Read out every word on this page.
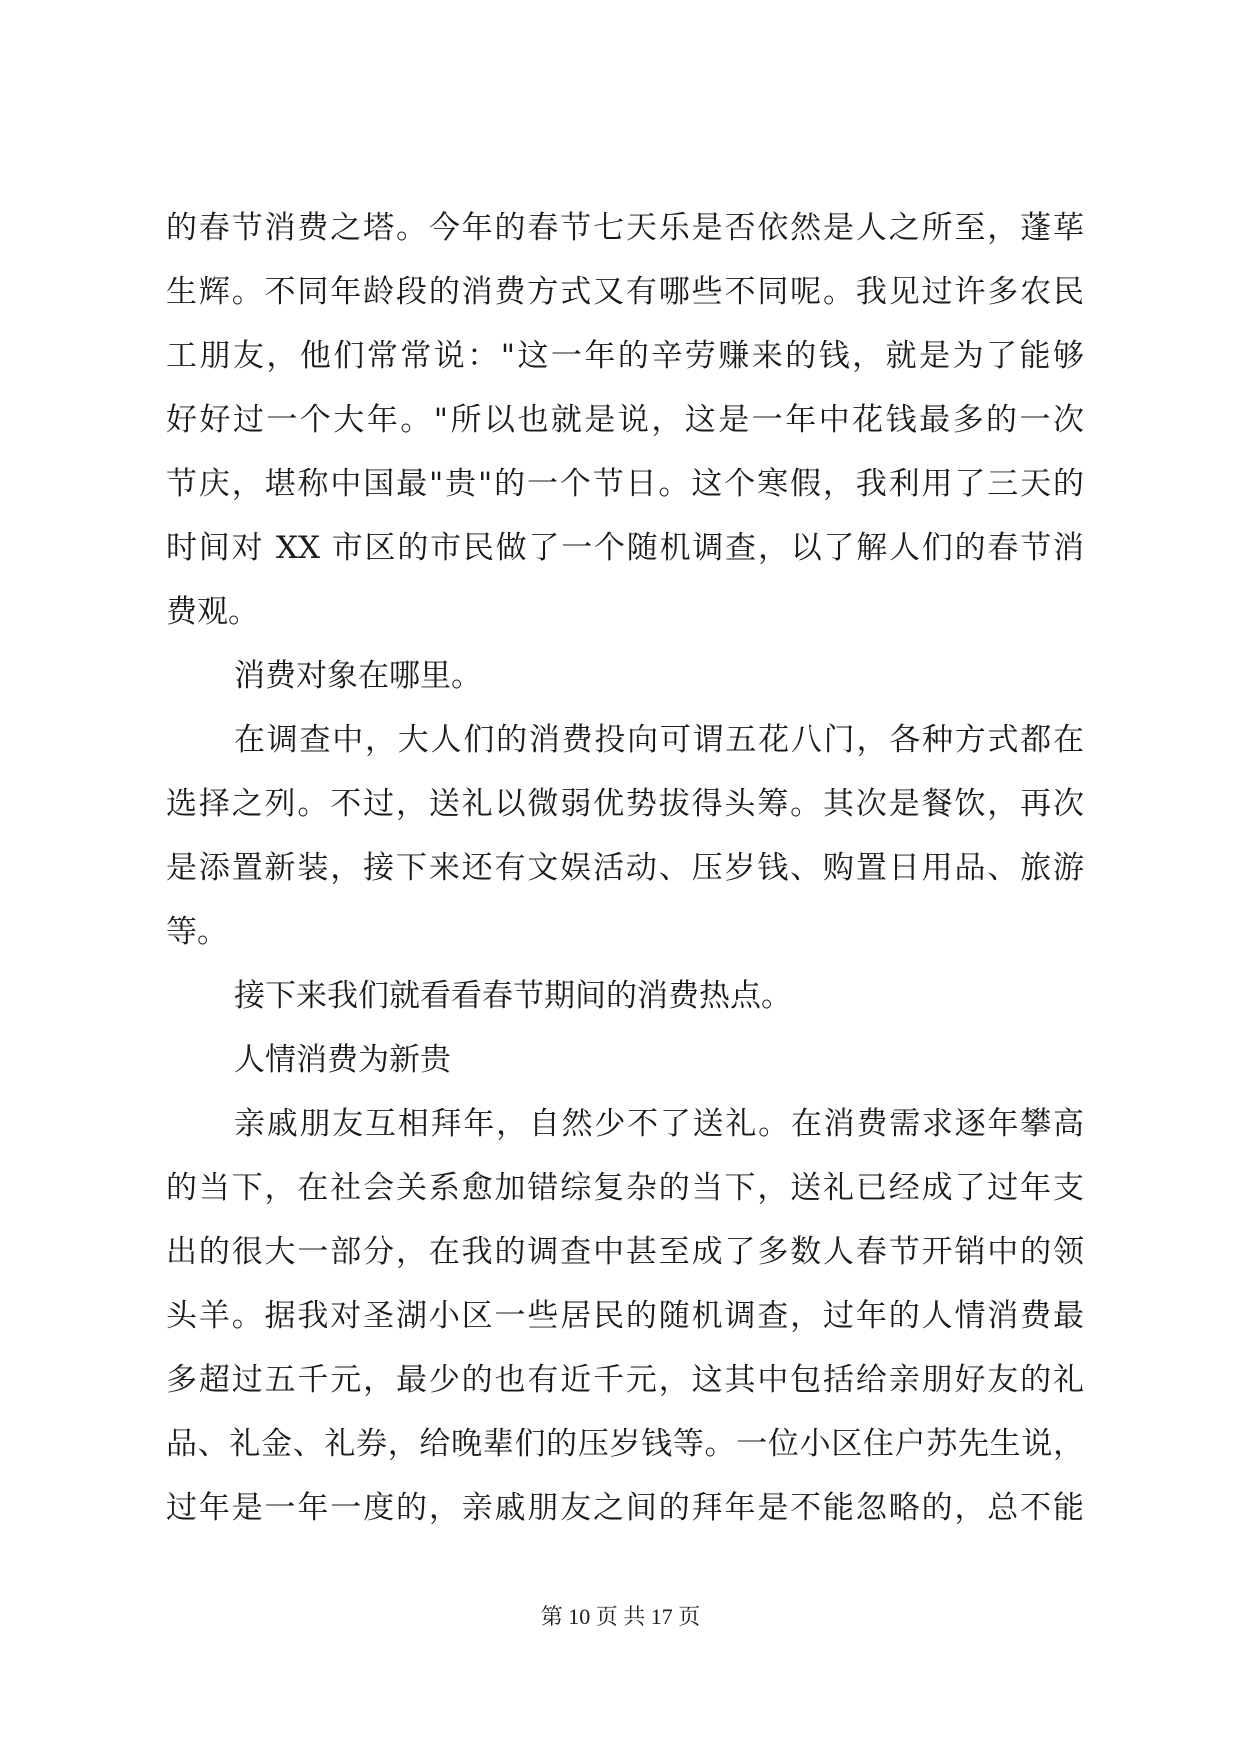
的春节消费之塔。今年的春节七天乐是否依然是人之所至，蓬荜
生辉。不同年龄段的消费方式又有哪些不同呢。我见过许多农民
工朋友，他们常常说："这一年的辛劳赚来的钱，就是为了能够
好好过一个大年。"所以也就是说，这是一年中花钱最多的一次
节庆，堪称中国最"贵"的一个节日。这个寒假，我利用了三天的
时间对 XX 市区的市民做了一个随机调查，以了解人们的春节消
费观。
消费对象在哪里。
在调查中，大人们的消费投向可谓五花八门，各种方式都在
选择之列。不过，送礼以微弱优势拔得头筹。其次是餐饮，再次
是添置新装，接下来还有文娱活动、压岁钱、购置日用品、旅游
等。
接下来我们就看看春节期间的消费热点。
人情消费为新贵
亲戚朋友互相拜年，自然少不了送礼。在消费需求逐年攀高
的当下，在社会关系愈加错综复杂的当下，送礼已经成了过年支
出的很大一部分，在我的调查中甚至成了多数人春节开销中的领
头羊。据我对圣湖小区一些居民的随机调查，过年的人情消费最
多超过五千元，最少的也有近千元，这其中包括给亲朋好友的礼
品、礼金、礼券，给晚辈们的压岁钱等。一位小区住户苏先生说，
过年是一年一度的，亲戚朋友之间的拜年是不能忽略的，总不能
第 10 页 共 17 页
